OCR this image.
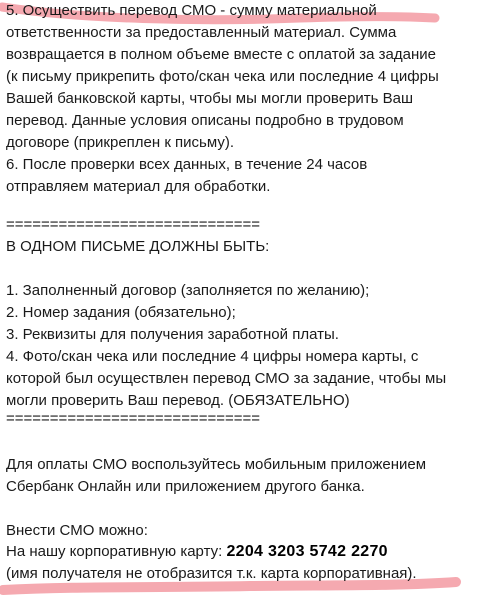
5. Осуществить перевод СМО - сумму материальной
ответственности за предоставленный материал. Сумма
возвращается в полном объеме вместе с оплатой за задание
(к письму прикрепить фото/скан чека или последние 4 цифры
Вашей банковской карты, чтобы мы могли проверить Ваш
перевод. Данные условия описаны подробно в трудовом
договоре (прикреплен к письму).
6. После проверки всех данных, в течение 24 часов
отправляем материал для обработки.
=============================
В ОДНОМ ПИСЬМЕ ДОЛЖНЫ БЫТЬ:
1. Заполненный договор (заполняется по желанию);
2. Номер задания (обязательно);
3. Реквизиты для получения заработной платы.
4. Фото/скан чека или последние 4 цифры номера карты, с
которой был осуществлен перевод СМО за задание, чтобы мы
могли проверить Ваш перевод. (ОБЯЗАТЕЛЬНО)
=============================
Для оплаты СМО воспользуйтесь мобильным приложением
Сбербанк Онлайн или приложением другого банка.
Внести СМО можно:
На нашу корпоративную карту: 2204 3203 5742 2270
(имя получателя не отобразится т.к. карта корпоративная).
